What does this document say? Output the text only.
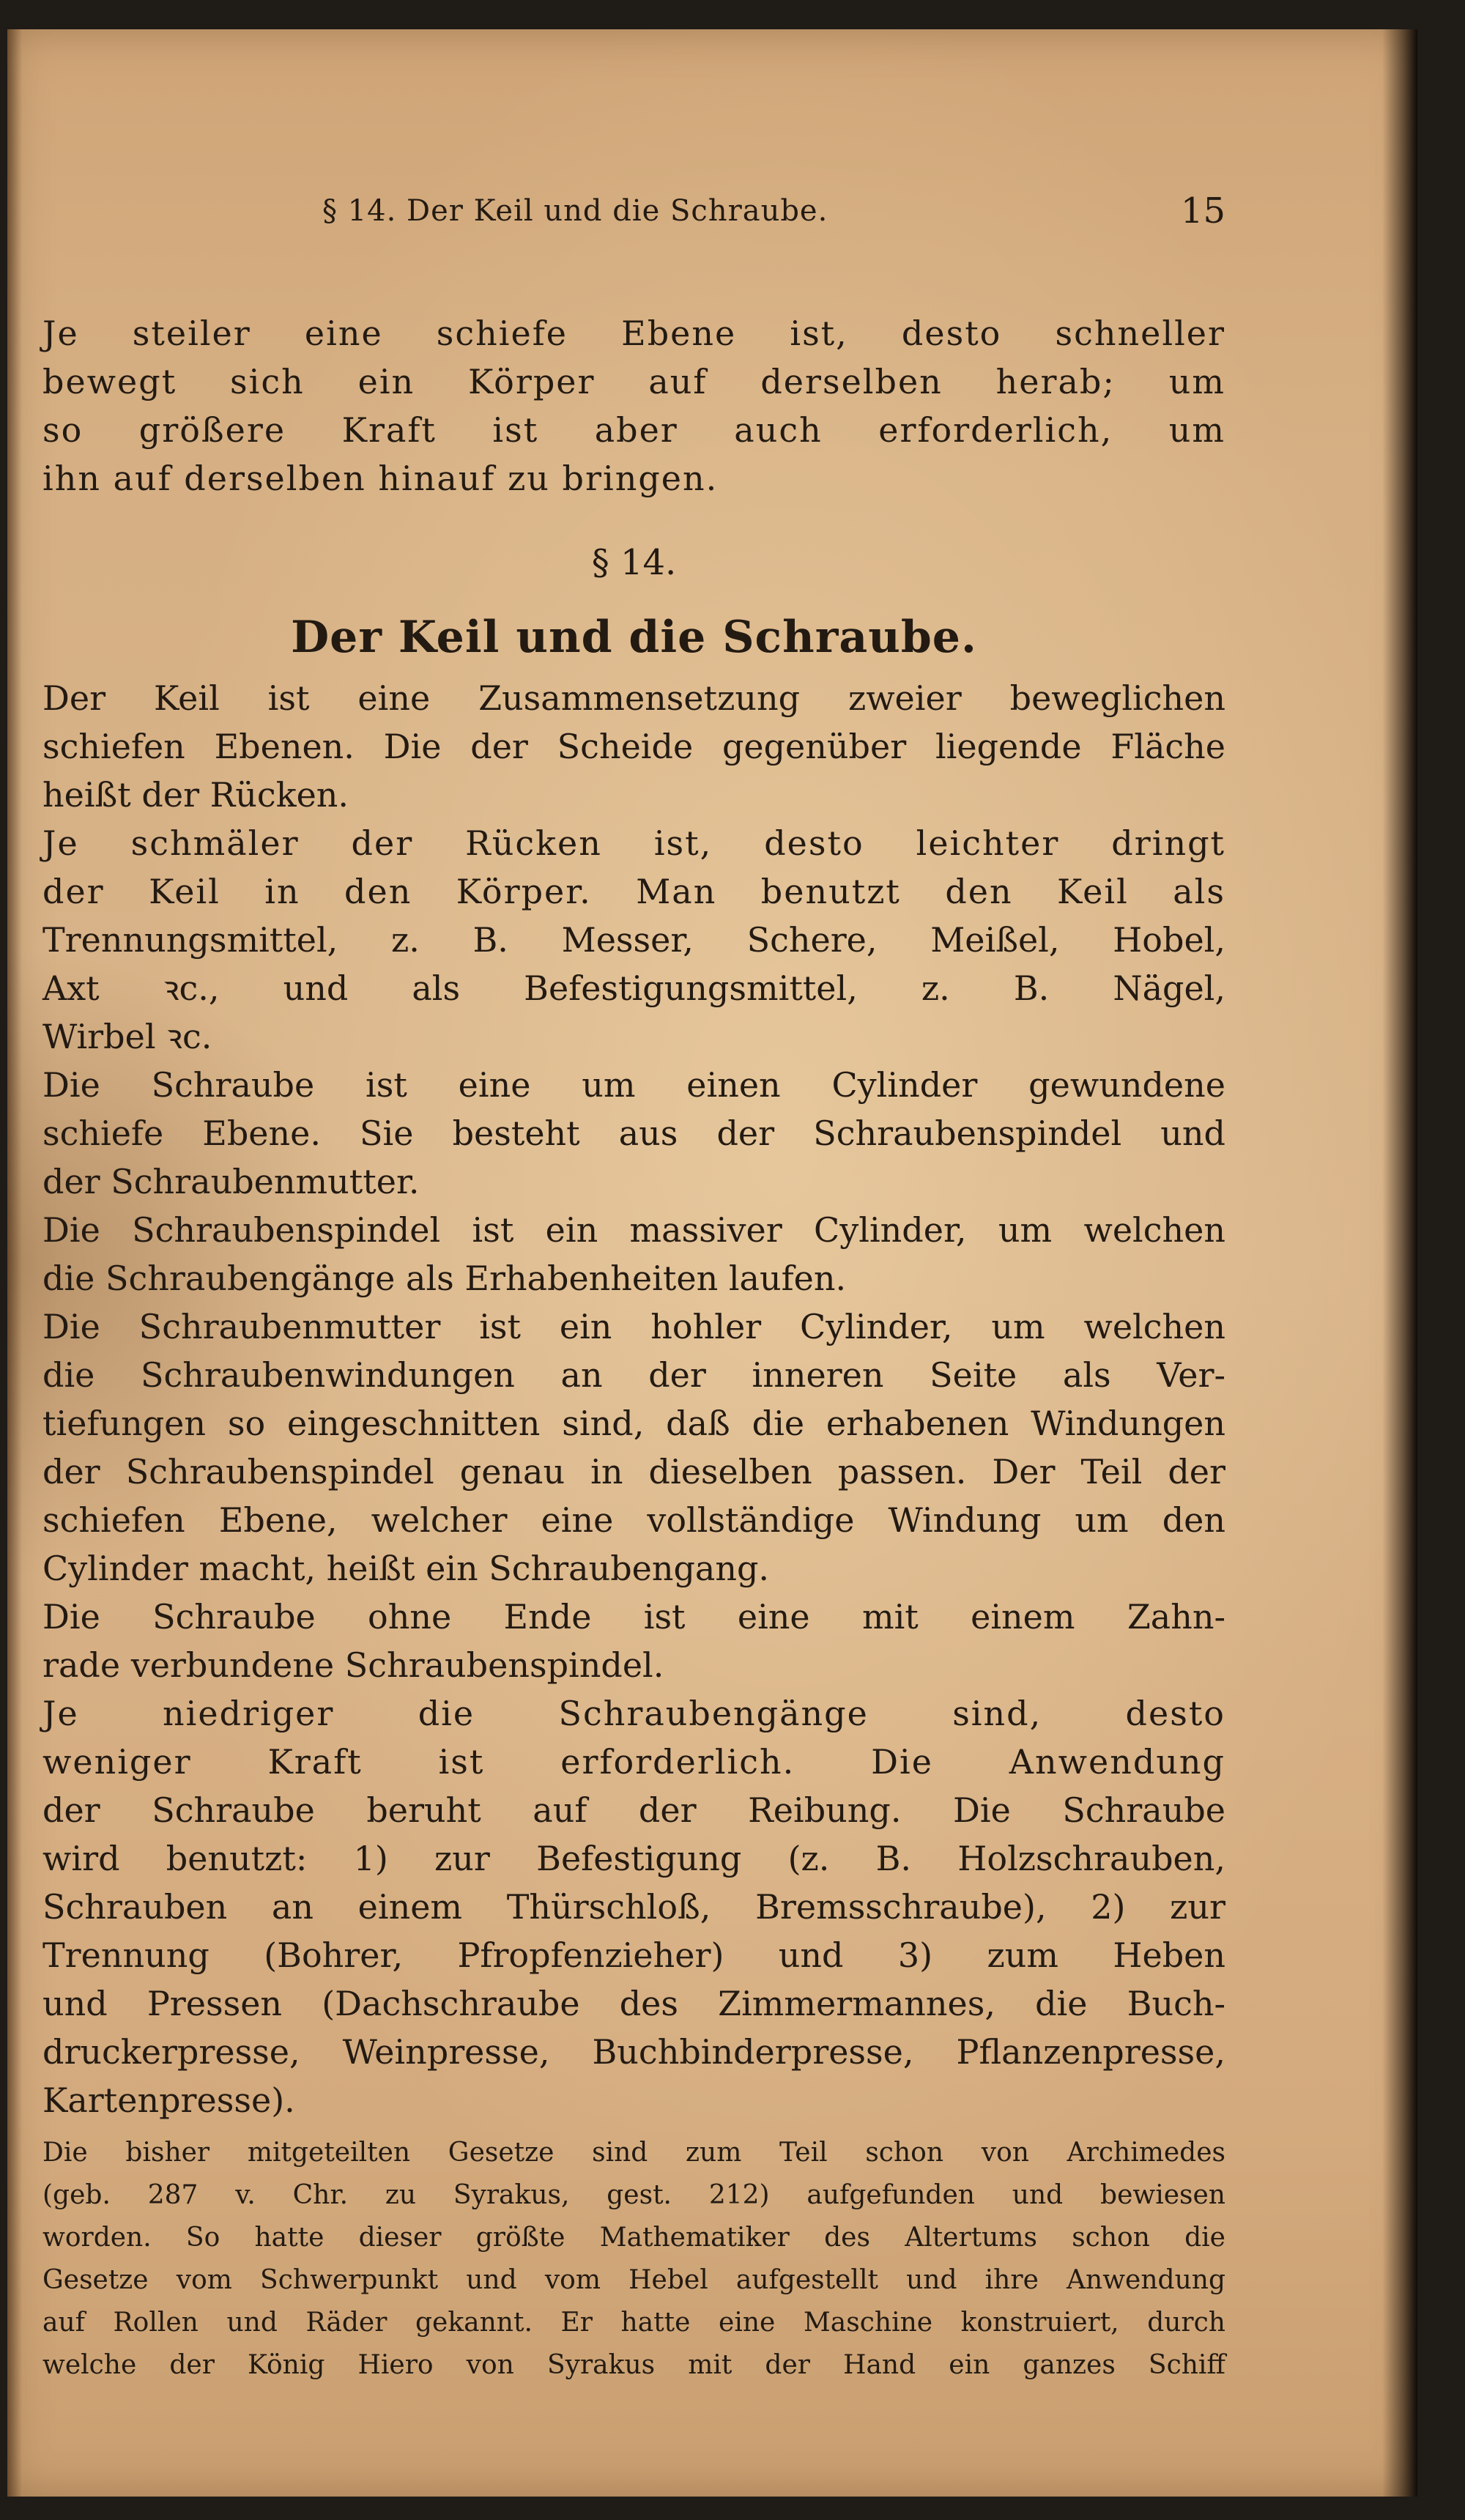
§ 14. Der Keil und die Schraube.	15
Je steiler eine schiefe Ebene ist, desto schneller
bewegt sich ein Körper auf derselben herab; um
so größere Kraft ist aber auch erforderlich, um
ihn auf derselben hinauf zu bringen.
§ 14.
Der Keil und die Schraube.
Der Keil ist eine Zusammensetzung zweier beweglichen
schiefen Ebenen. Die der Scheide gegenüber liegende Fläche
heißt der Rücken.
Je schmäler der Rücken ist, desto leichter dringt
der Keil in den Körper. Man benutzt den Keil als
Trennungsmittel, z. B. Messer, Schere, Meißel, Hobel,
Axt ꝛc., und als Befestigungsmittel, z. B. Nägel,
Wirbel ꝛc.
Die Schraube ist eine um einen Cylinder gewundene
schiefe Ebene. Sie besteht aus der Schraubenspindel und
der Schraubenmutter.
Die Schraubenspindel ist ein massiver Cylinder, um welchen
die Schraubengänge als Erhabenheiten laufen.
Die Schraubenmutter ist ein hohler Cylinder, um welchen
die Schraubenwindungen an der inneren Seite als Ver-
tiefungen so eingeschnitten sind, daß die erhabenen Windungen
der Schraubenspindel genau in dieselben passen. Der Teil der
schiefen Ebene, welcher eine vollständige Windung um den
Cylinder macht, heißt ein Schraubengang.
Die Schraube ohne Ende ist eine mit einem Zahn-
rade verbundene Schraubenspindel.
Je niedriger die Schraubengänge sind, desto
weniger Kraft ist erforderlich. Die Anwendung
der Schraube beruht auf der Reibung. Die Schraube
wird benutzt: 1) zur Befestigung (z. B. Holzschrauben,
Schrauben an einem Thürschloß, Bremsschraube), 2) zur
Trennung (Bohrer, Pfropfenzieher) und 3) zum Heben
und Pressen (Dachschraube des Zimmermannes, die Buch-
druckerpresse, Weinpresse, Buchbinderpresse, Pflanzenpresse,
Kartenpresse).
Die bisher mitgeteilten Gesetze sind zum Teil schon von Archimedes
(geb. 287 v. Chr. zu Syrakus, gest. 212) aufgefunden und bewiesen
worden. So hatte dieser größte Mathematiker des Altertums schon die
Gesetze vom Schwerpunkt und vom Hebel aufgestellt und ihre Anwendung
auf Rollen und Räder gekannt. Er hatte eine Maschine konstruiert, durch
welche der König Hiero von Syrakus mit der Hand ein ganzes Schiff
